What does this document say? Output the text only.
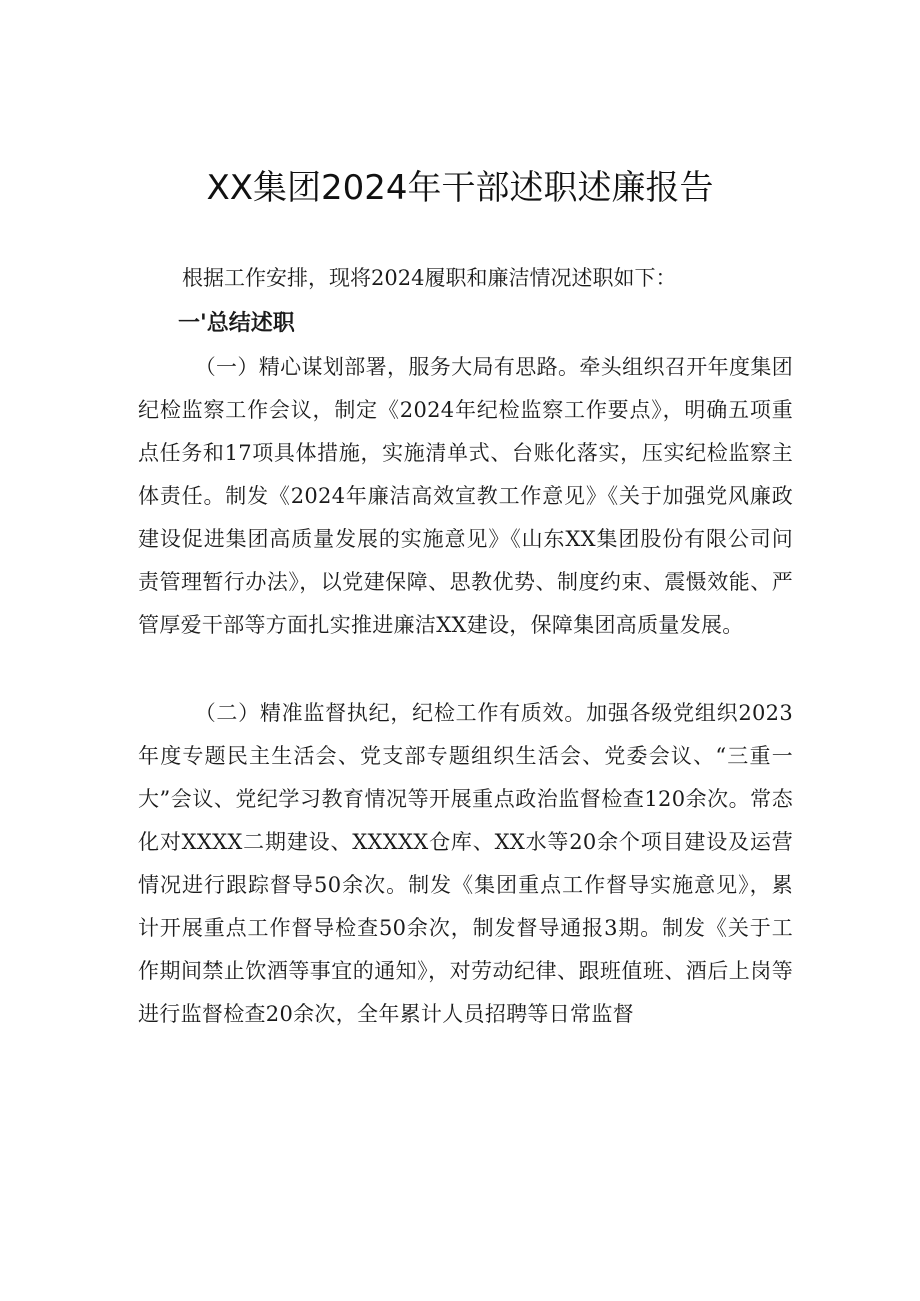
XX集团2024年干部述职述廉报告

根据工作安排，现将2024履职和廉洁情况述职如下：

一'总结述职

（一）精心谋划部署，服务大局有思路。牵头组织召开年度集团纪检监察工作会议，制定《2024年纪检监察工作要点》，明确五项重点任务和17项具体措施，实施清单式、台账化落实，压实纪检监察主体责任。制发《2024年廉洁高效宣教工作意见》《关于加强党风廉政建设促进集团高质量发展的实施意见》《山东XX集团股份有限公司问责管理暂行办法》，以党建保障、思教优势、制度约束、震慑效能、严管厚爱干部等方面扎实推进廉洁XX建设，保障集团高质量发展。

（二）精准监督执纪，纪检工作有质效。加强各级党组织2023年度专题民主生活会、党支部专题组织生活会、党委会议、“三重一大”会议、党纪学习教育情况等开展重点政治监督检查120余次。常态化对XXXX二期建设、XXXXX仓库、XX水等20余个项目建设及运营情况进行跟踪督导50余次。制发《集团重点工作督导实施意见》，累计开展重点工作督导检查50余次，制发督导通报3期。制发《关于工作期间禁止饮酒等事宜的通知》，对劳动纪律、跟班值班、酒后上岗等进行监督检查20余次，全年累计人员招聘等日常监督
